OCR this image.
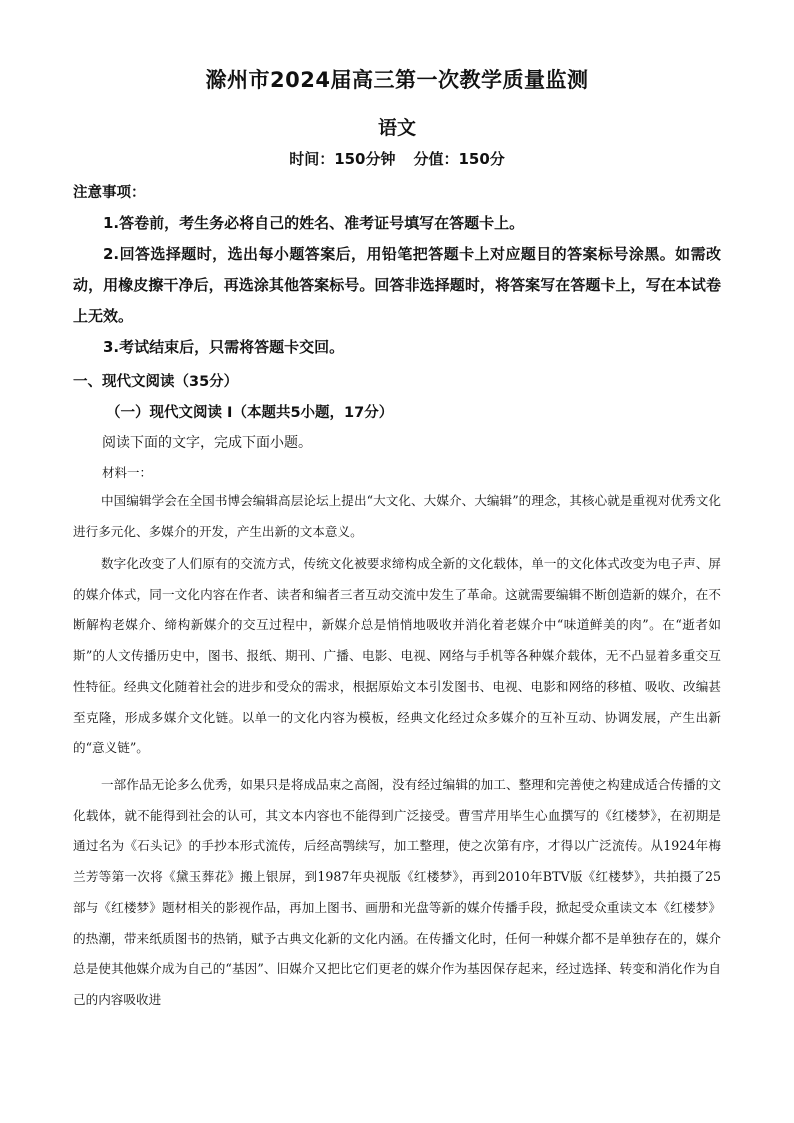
滁州市2024届高三第一次教学质量监测
语文
时间：150分钟 分值：150分
注意事项：
1.答卷前，考生务必将自己的姓名、准考证号填写在答题卡上。
2.回答选择题时，选出每小题答案后，用铅笔把答题卡上对应题目的答案标号涂黑。如需改动，用橡皮擦干净后，再选涂其他答案标号。回答非选择题时，将答案写在答题卡上，写在本试卷上无效。
3.考试结束后，只需将答题卡交回。
一、现代文阅读（35分）
（一）现代文阅读 I（本题共5小题，17分）
阅读下面的文字，完成下面小题。
材料一：
中国编辑学会在全国书博会编辑高层论坛上提出“大文化、大媒介、大编辑”的理念，其核心就是重视对优秀文化进行多元化、多媒介的开发，产生出新的文本意义。
数字化改变了人们原有的交流方式，传统文化被要求缔构成全新的文化载体，单一的文化体式改变为电子声、屏的媒介体式，同一文化内容在作者、读者和编者三者互动交流中发生了革命。这就需要编辑不断创造新的媒介，在不断解构老媒介、缔构新媒介的交互过程中，新媒介总是悄悄地吸收并消化着老媒介中“味道鲜美的肉”。在“逝者如斯”的人文传播历史中，图书、报纸、期刊、广播、电影、电视、网络与手机等各种媒介载体，无不凸显着多重交互性特征。经典文化随着社会的进步和受众的需求，根据原始文本引发图书、电视、电影和网络的移植、吸收、改编甚至克隆，形成多媒介文化链。以单一的文化内容为模板，经典文化经过众多媒介的互补互动、协调发展，产生出新的“意义链”。
一部作品无论多么优秀，如果只是将成品束之高阁，没有经过编辑的加工、整理和完善使之构建成适合传播的文化载体，就不能得到社会的认可，其文本内容也不能得到广泛接受。曹雪芹用毕生心血撰写的《红楼梦》，在初期是通过名为《石头记》的手抄本形式流传，后经高鹗续写，加工整理，使之次第有序，才得以广泛流传。从1924年梅兰芳等第一次将《黛玉葬花》搬上银屏，到1987年央视版《红楼梦》，再到2010年BTV版《红楼梦》，共拍摄了25部与《红楼梦》题材相关的影视作品，再加上图书、画册和光盘等新的媒介传播手段，掀起受众重读文本《红楼梦》的热潮，带来纸质图书的热销，赋予古典文化新的文化内涵。在传播文化时，任何一种媒介都不是单独存在的，媒介总是使其他媒介成为自己的“基因”、旧媒介又把比它们更老的媒介作为基因保存起来，经过选择、转变和消化作为自己的内容吸收进
